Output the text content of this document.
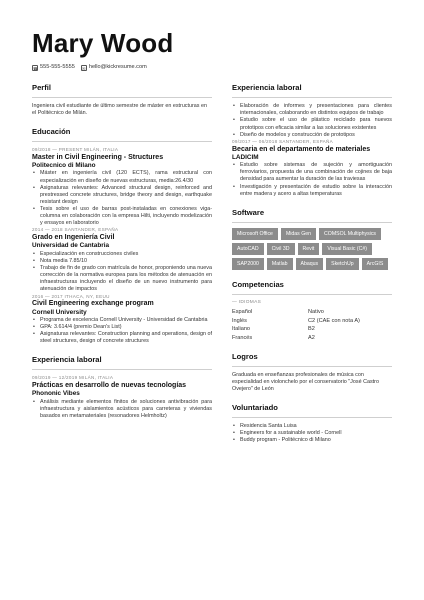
Mary Wood
☎ 555-555-5555	✉ hello@kickresume.com
Perfil

Ingeniera civil estudiante de último semestre de máster en estructuras en el Politécnico de Milán.

Educación
09/2018 — PRESENT MILÁN, ITALIA
Master in Civil Engineering - Structures
Politecnico di Milano
• Máster en ingeniería civil (120 ECTS), rama estructural con especialización en diseño de nuevas estructuras, media:26.4/30
• Asignaturas relevantes: Advanced structural design, reinforced and prestressed concrete structures, bridge theory and design, earthquake resistant design
• Tesis sobre el uso de barras post-instaladas en conexiones viga-columna en colaboración con la empresa Hilti, incluyendo modelización y ensayos en laboratorio
2014 — 2018 SANTANDER, ESPAÑA
Grado en Ingeniería Civil
Universidad de Cantabria
• Especialización en construcciones civiles
• Nota media 7.85/10
• Trabajo de fin de grado con matrícula de honor, proponiendo una nueva corrección de la normativa europea para los métodos de atenuación en infraestructuras incluyendo el diseño de un nuevo instrumento para atenuación de impactos
2016 — 2017 ITHACA, NY, EEUU
Civil Engineering exchange program
Cornell University
• Programa de excelencia Cornell University - Universidad de Cantabria
• GPA: 3.614/4 (premio Dean's List)
• Asignaturas relevantes: Construction planning and operations, design of steel structures, design of concrete structures
Experiencia laboral
09/2019 — 12/2019 MILÁN, ITALIA
Prácticas en desarrollo de nuevas tecnologías
Phononic Vibes
• Análisis mediante elementos finitos de soluciones antivibración para infraestructura y aislamientos acústicos para carreteras y viviendas basados en metamateriales (resonadores Helmholtz)
Experiencia laboral
• Elaboración de informes y presentaciones para clientes internacionales, colaborando en distintos equipos de trabajo
• Estudio sobre el uso de plástico reciclado para nuevos prototipos con eficacia similar a las soluciones existentes
• Diseño de modelos y construcción de prototipos
09/2017 — 06/2018 SANTANDER, ESPAÑA
Becaria en el departamento de materiales
LADICIM
• Estudio sobre sistemas de sujeción y amortiguación ferroviarios, propuesta de una combinación de cojines de baja densidad para aumentar la duración de las traviesas
• Investigación y presentación de estudio sobre la interacción entre madera y acero a altas temperaturas
Software
Microsoft Office	Midas Gen	COMSOL Multiphysics
AutoCAD	Civil 3D	Revit	Visual Basic (C#)
SAP2000	Matlab	Abaqus	SketchUp	ArcGIS
Competencias
— IDIOMAS
Español	Nativo
Inglés	C2 (CAE con nota A)
Italiano	B2
Francés	A2
Logros

Graduada en enseñanzas profesionales de música con especialidad en violonchelo por el conservatorio "José Castro Ovejero" de León

Voluntariado
• Residencia Santa Luisa
• Engineers for a sustainable world - Cornell
• Buddy program - Politécnico di Milano
